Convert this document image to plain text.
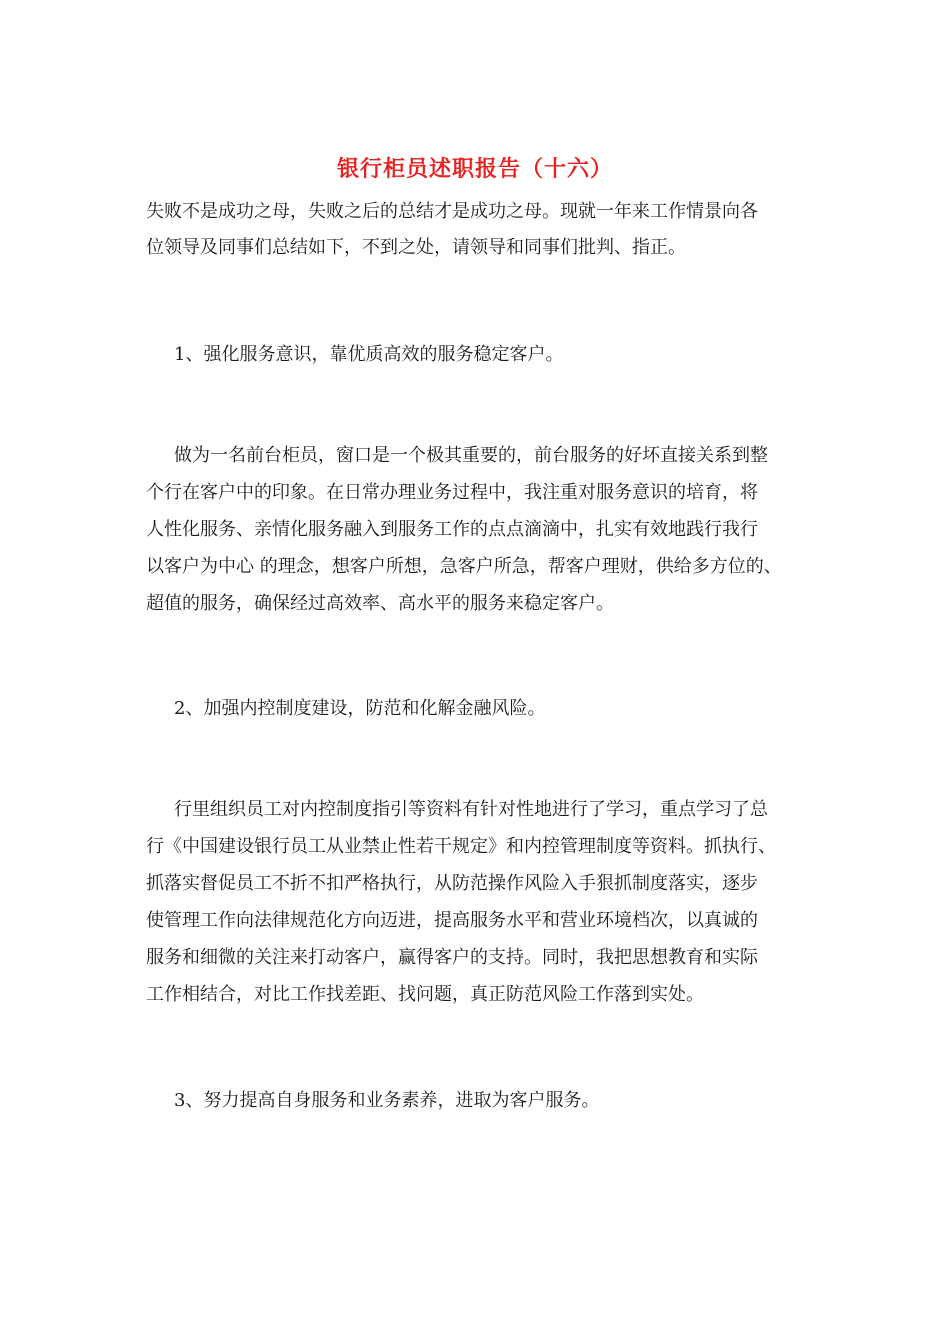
银行柜员述职报告（十六）
失败不是成功之母，失败之后的总结才是成功之母。现就一年来工作情景向各
位领导及同事们总结如下，不到之处，请领导和同事们批判、指正。
1、强化服务意识，靠优质高效的服务稳定客户。
做为一名前台柜员，窗口是一个极其重要的，前台服务的好坏直接关系到整
个行在客户中的印象。在日常办理业务过程中，我注重对服务意识的培育，将
人性化服务、亲情化服务融入到服务工作的点点滴滴中，扎实有效地践行我行
以客户为中心 的理念，想客户所想，急客户所急，帮客户理财，供给多方位的、
超值的服务，确保经过高效率、高水平的服务来稳定客户。
2、加强内控制度建设，防范和化解金融风险。
行里组织员工对内控制度指引等资料有针对性地进行了学习，重点学习了总
行《中国建设银行员工从业禁止性若干规定》和内控管理制度等资料。抓执行、
抓落实督促员工不折不扣严格执行，从防范操作风险入手狠抓制度落实，逐步
使管理工作向法律规范化方向迈进，提高服务水平和营业环境档次，以真诚的
服务和细微的关注来打动客户，赢得客户的支持。同时，我把思想教育和实际
工作相结合，对比工作找差距、找问题，真正防范风险工作落到实处。
3、努力提高自身服务和业务素养，进取为客户服务。
